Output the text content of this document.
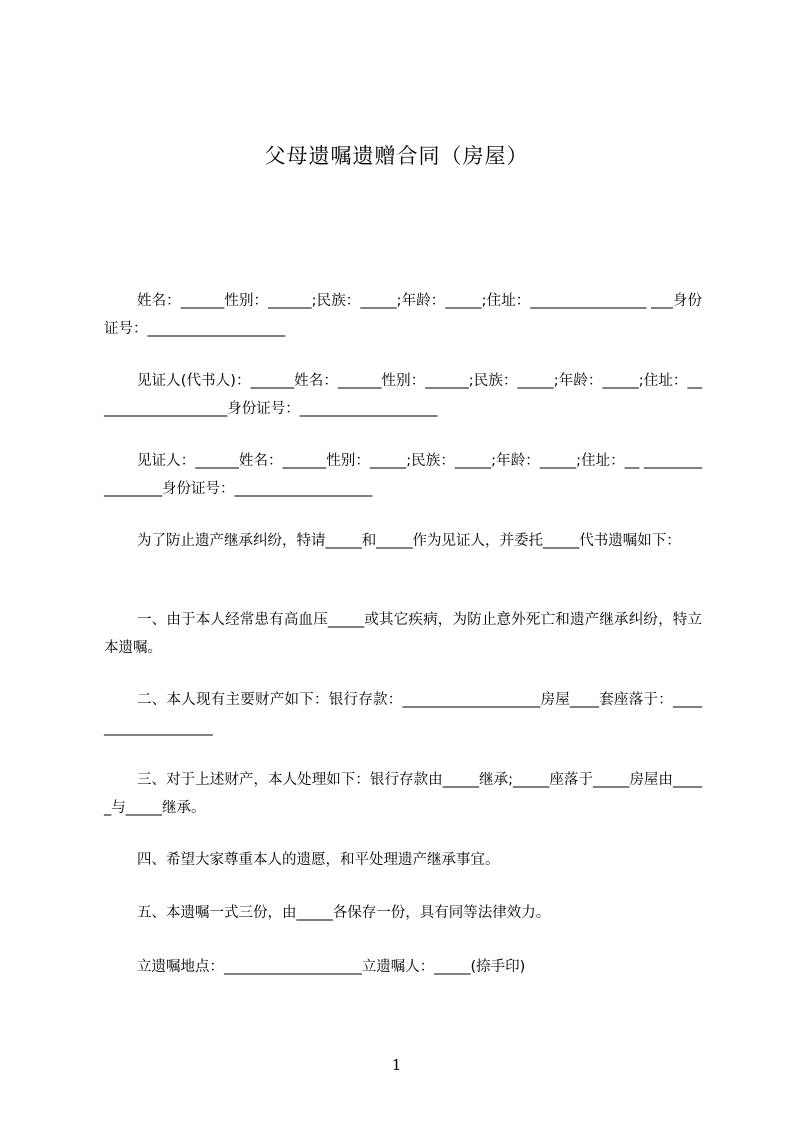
父母遗嘱遗赠合同（房屋）
姓名：______性别：______;民族：_____;年龄：_____;住址：________________ ___身份证号：___________________
见证人(代书人)：______姓名：______性别：______;民族：_____;年龄：_____;住址：___________________身份证号：___________________
见证人：______姓名：______性别：_____;民族：_____;年龄：_____;住址：__ ________________身份证号：___________________
为了防止遗产继承纠纷，特请_____和_____作为见证人，并委托_____代书遗嘱如下：
一、由于本人经常患有高血压_____或其它疾病，为防止意外死亡和遗产继承纠纷，特立本遗嘱。
二、本人现有主要财产如下：银行存款：___________________房屋____套座落于：___________________
三、对于上述财产，本人处理如下：银行存款由_____继承;_____座落于_____房屋由_____与_____继承。
四、希望大家尊重本人的遗愿，和平处理遗产继承事宜。
五、本遗嘱一式三份，由_____各保存一份，具有同等法律效力。
立遗嘱地点：___________________立遗嘱人：_____(捺手印)
1
